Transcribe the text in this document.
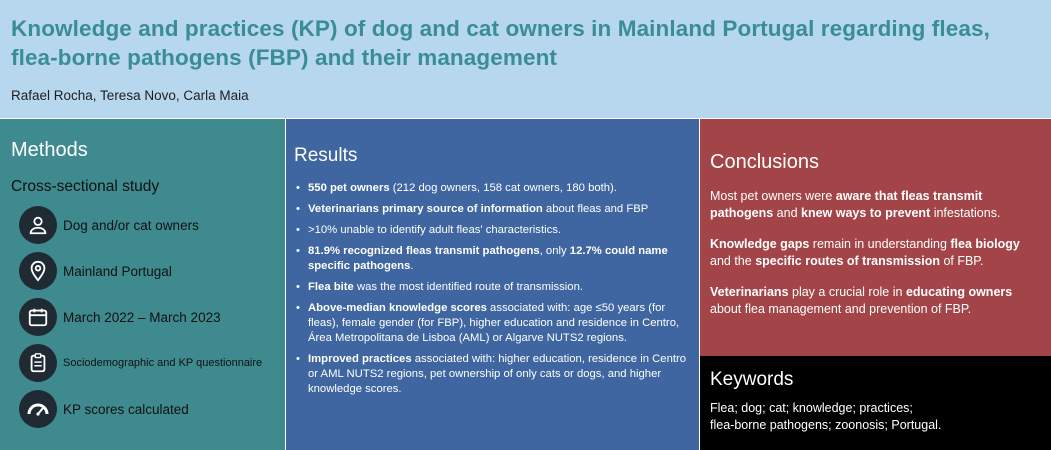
Knowledge and practices (KP) of dog and cat owners in Mainland Portugal regarding fleas, flea-borne pathogens (FBP) and their management
Rafael Rocha, Teresa Novo, Carla Maia
Methods
Cross-sectional study
Dog and/or cat owners
Mainland Portugal
March 2022 – March 2023
Sociodemographic and KP questionnaire
KP scores calculated
Results
• 550 pet owners (212 dog owners, 158 cat owners, 180 both).
• Veterinarians primary source of information about fleas and FBP
• >10% unable to identify adult fleas' characteristics.
• 81.9% recognized fleas transmit pathogens, only 12.7% could name specific pathogens.
• Flea bite was the most identified route of transmission.
• Above-median knowledge scores associated with: age ≤50 years (for fleas), female gender (for FBP), higher education and residence in Centro, Área Metropolitana de Lisboa (AML) or Algarve NUTS2 regions.
• Improved practices associated with: higher education, residence in Centro or AML NUTS2 regions, pet ownership of only cats or dogs, and higher knowledge scores.
Conclusions

Most pet owners were aware that fleas transmit pathogens and knew ways to prevent infestations.

Knowledge gaps remain in understanding flea biology and the specific routes of transmission of FBP.

Veterinarians play a crucial role in educating owners about flea management and prevention of FBP.

Keywords

Flea; dog; cat; knowledge; practices;
flea-borne pathogens; zoonosis; Portugal.
